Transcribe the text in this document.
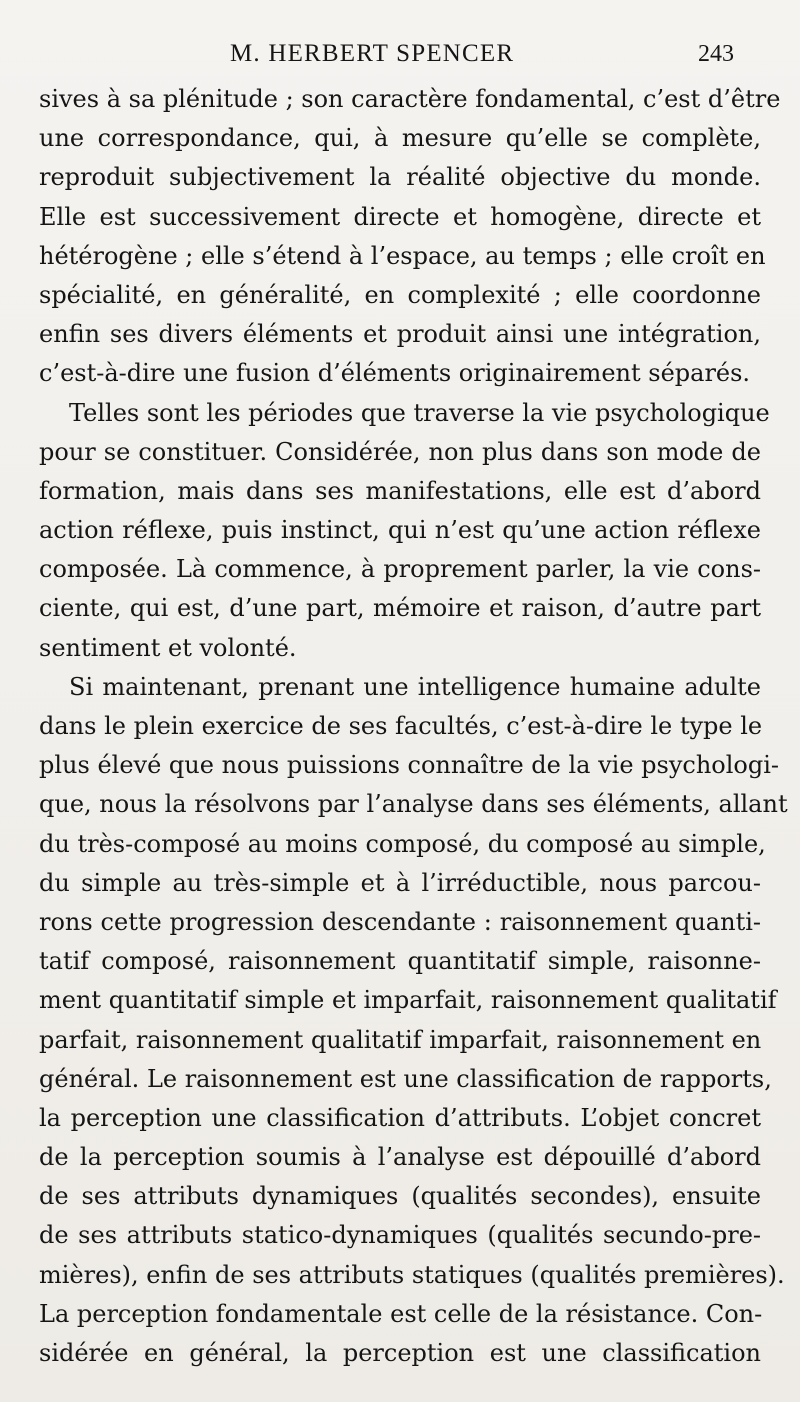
M. HERBERT SPENCER	243
sives à sa plénitude ; son caractère fondamental, c’est d’être
une correspondance, qui, à mesure qu’elle se complète,
reproduit subjectivement la réalité objective du monde.
Elle est successivement directe et homogène, directe et
hétérogène ; elle s’étend à l’espace, au temps ; elle croît en
spécialité, en généralité, en complexité ; elle coordonne
enfin ses divers éléments et produit ainsi une intégration,
c’est-à-dire une fusion d’éléments originairement séparés.
Telles sont les périodes que traverse la vie psychologique
pour se constituer. Considérée, non plus dans son mode de
formation, mais dans ses manifestations, elle est d’abord
action réflexe, puis instinct, qui n’est qu’une action réflexe
composée. Là commence, à proprement parler, la vie cons-
ciente, qui est, d’une part, mémoire et raison, d’autre part
sentiment et volonté.
Si maintenant, prenant une intelligence humaine adulte
dans le plein exercice de ses facultés, c’est-à-dire le type le
plus élevé que nous puissions connaître de la vie psychologi-
que, nous la résolvons par l’analyse dans ses éléments, allant
du très-composé au moins composé, du composé au simple,
du simple au très-simple et à l’irréductible, nous parcou-
rons cette progression descendante : raisonnement quanti-
tatif composé, raisonnement quantitatif simple, raisonne-
ment quantitatif simple et imparfait, raisonnement qualitatif
parfait, raisonnement qualitatif imparfait, raisonnement en
général. Le raisonnement est une classification de rapports,
la perception une classification d’attributs. L’objet concret
de la perception soumis à l’analyse est dépouillé d’abord
de ses attributs dynamiques (qualités secondes), ensuite
de ses attributs statico-dynamiques (qualités secundo-pre-
mières), enfin de ses attributs statiques (qualités premières).
La perception fondamentale est celle de la résistance. Con-
sidérée en général, la perception est une classification
